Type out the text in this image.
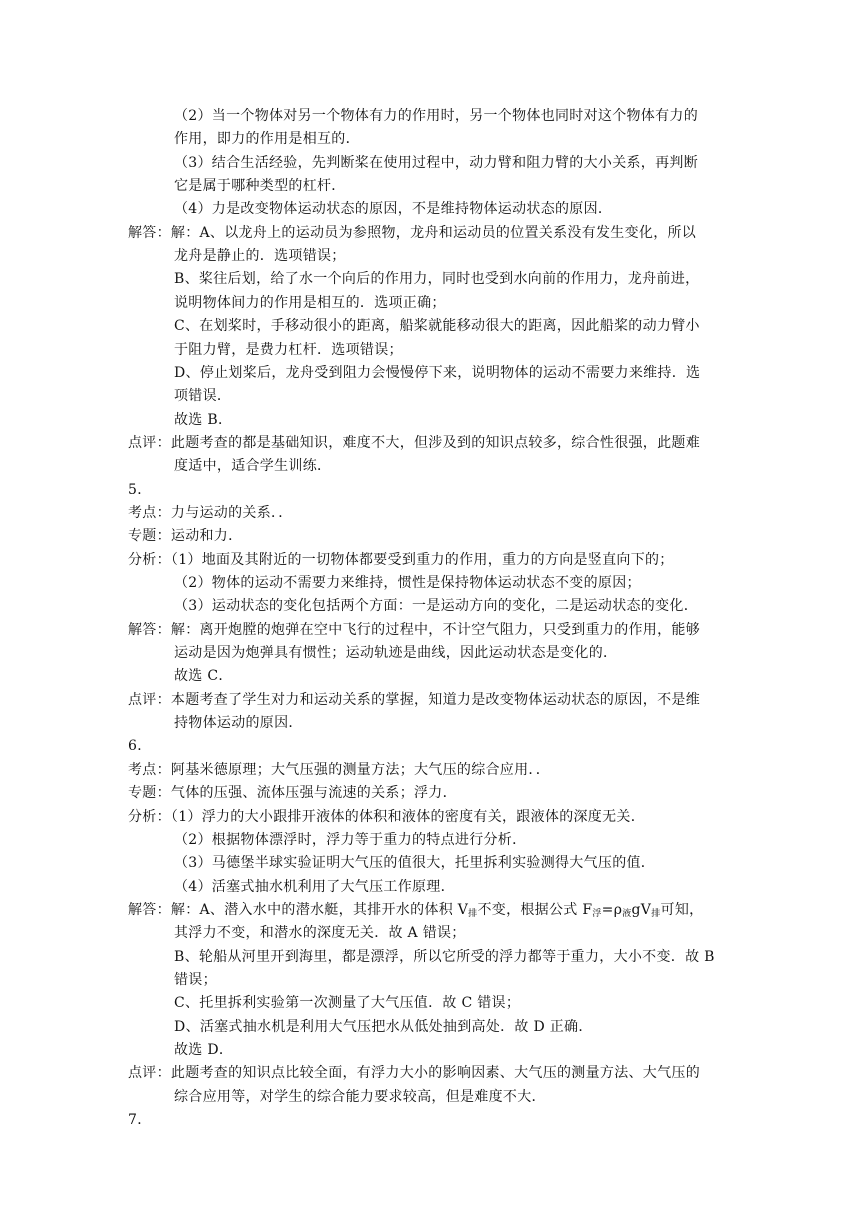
（2）当一个物体对另一个物体有力的作用时，另一个物体也同时对这个物体有力的
作用，即力的作用是相互的．
（3）结合生活经验，先判断桨在使用过程中，动力臂和阻力臂的大小关系，再判断
它是属于哪种类型的杠杆．
（4）力是改变物体运动状态的原因，不是维持物体运动状态的原因．
解答：解：A、以龙舟上的运动员为参照物，龙舟和运动员的位置关系没有发生变化，所以
龙舟是静止的．选项错误；
B、桨往后划，给了水一个向后的作用力，同时也受到水向前的作用力，龙舟前进，
说明物体间力的作用是相互的．选项正确；
C、在划桨时，手移动很小的距离，船桨就能移动很大的距离，因此船桨的动力臂小
于阻力臂，是费力杠杆．选项错误；
D、停止划桨后，龙舟受到阻力会慢慢停下来，说明物体的运动不需要力来维持．选
项错误．
故选 B．
点评：此题考查的都是基础知识，难度不大，但涉及到的知识点较多，综合性很强，此题难
度适中，适合学生训练．
5．
考点：力与运动的关系．．
专题：运动和力．
分析：（1）地面及其附近的一切物体都要受到重力的作用，重力的方向是竖直向下的；
（2）物体的运动不需要力来维持，惯性是保持物体运动状态不变的原因；
（3）运动状态的变化包括两个方面：一是运动方向的变化，二是运动状态的变化．
解答：解：离开炮膛的炮弹在空中飞行的过程中，不计空气阻力，只受到重力的作用，能够
运动是因为炮弹具有惯性；运动轨迹是曲线，因此运动状态是变化的．
故选 C．
点评：本题考查了学生对力和运动关系的掌握，知道力是改变物体运动状态的原因，不是维
持物体运动的原因．
6．
考点：阿基米德原理；大气压强的测量方法；大气压的综合应用．．
专题：气体的压强、流体压强与流速的关系；浮力．
分析：（1）浮力的大小跟排开液体的体积和液体的密度有关，跟液体的深度无关．
（2）根据物体漂浮时，浮力等于重力的特点进行分析．
（3）马德堡半球实验证明大气压的值很大，托里拆利实验测得大气压的值．
（4）活塞式抽水机利用了大气压工作原理．
解答：解：A、潜入水中的潜水艇，其排开水的体积 $V_排$不变，根据公式 $F_浮=\rho_液gV_排$可知，
其浮力不变，和潜水的深度无关．故 A 错误；
B、轮船从河里开到海里，都是漂浮，所以它所受的浮力都等于重力，大小不变．故 B
错误；
C、托里拆利实验第一次测量了大气压值．故 C 错误；
D、活塞式抽水机是利用大气压把水从低处抽到高处．故 D 正确．
故选 D．
点评：此题考查的知识点比较全面，有浮力大小的影响因素、大气压的测量方法、大气压的
综合应用等，对学生的综合能力要求较高，但是难度不大．
7．
